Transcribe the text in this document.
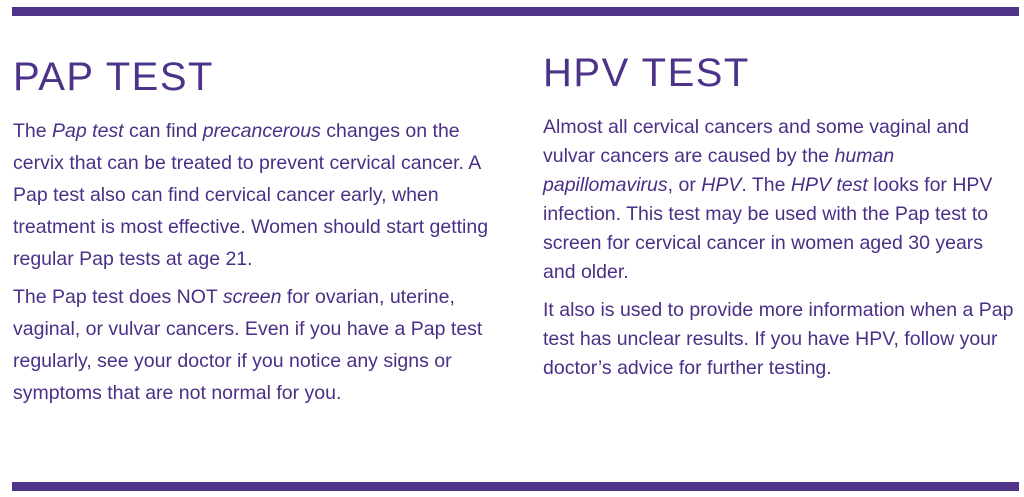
PAP TEST

The Pap test can find precancerous changes on the cervix that can be treated to prevent cervical cancer. A Pap test also can find cervical cancer early, when treatment is most effective. Women should start getting regular Pap tests at age 21.

The Pap test does NOT screen for ovarian, uterine, vaginal, or vulvar cancers. Even if you have a Pap test regularly, see your doctor if you notice any signs or symptoms that are not normal for you.

HPV TEST

Almost all cervical cancers and some vaginal and vulvar cancers are caused by the human papillomavirus, or HPV. The HPV test looks for HPV infection. This test may be used with the Pap test to screen for cervical cancer in women aged 30 years and older.

It also is used to provide more information when a Pap test has unclear results. If you have HPV, follow your doctor’s advice for further testing.
